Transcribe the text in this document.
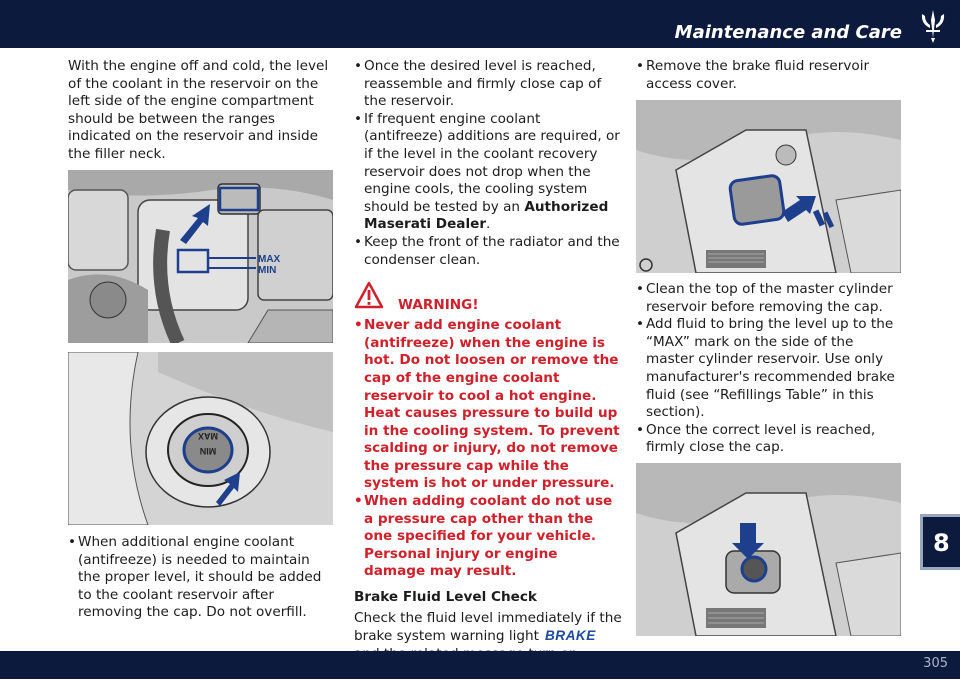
Maintenance and Care

With the engine off and cold, the level of the coolant in the reservoir on the left side of the engine compartment should be between the ranges indicated on the reservoir and inside the filler neck.

MAX
MIN
MAX
MIN

• When additional engine coolant (antifreeze) is needed to maintain the proper level, it should be added to the coolant reservoir after removing the cap. Do not overfill.

• Once the desired level is reached, reassemble and firmly close cap of the reservoir.

• If frequent engine coolant (antifreeze) additions are required, or if the level in the coolant recovery reservoir does not drop when the engine cools, the cooling system should be tested by an Authorized Maserati Dealer.

• Keep the front of the radiator and the condenser clean.

WARNING!

• Never add engine coolant (antifreeze) when the engine is hot. Do not loosen or remove the cap of the engine coolant reservoir to cool a hot engine. Heat causes pressure to build up in the cooling system. To prevent scalding or injury, do not remove the pressure cap while the system is hot or under pressure.

• When adding coolant do not use a pressure cap other than the one specified for your vehicle. Personal injury or engine damage may result.

Brake Fluid Level Check

Check the fluid level immediately if the brake system warning light BRAKE

• Remove the brake fluid reservoir access cover.

• Clean the top of the master cylinder reservoir before removing the cap.

• Add fluid to bring the level up to the “MAX” mark on the side of the master cylinder reservoir. Use only manufacturer's recommended brake fluid (see “Refillings Table” in this section).

• Once the correct level is reached, firmly close the cap.

8
305
